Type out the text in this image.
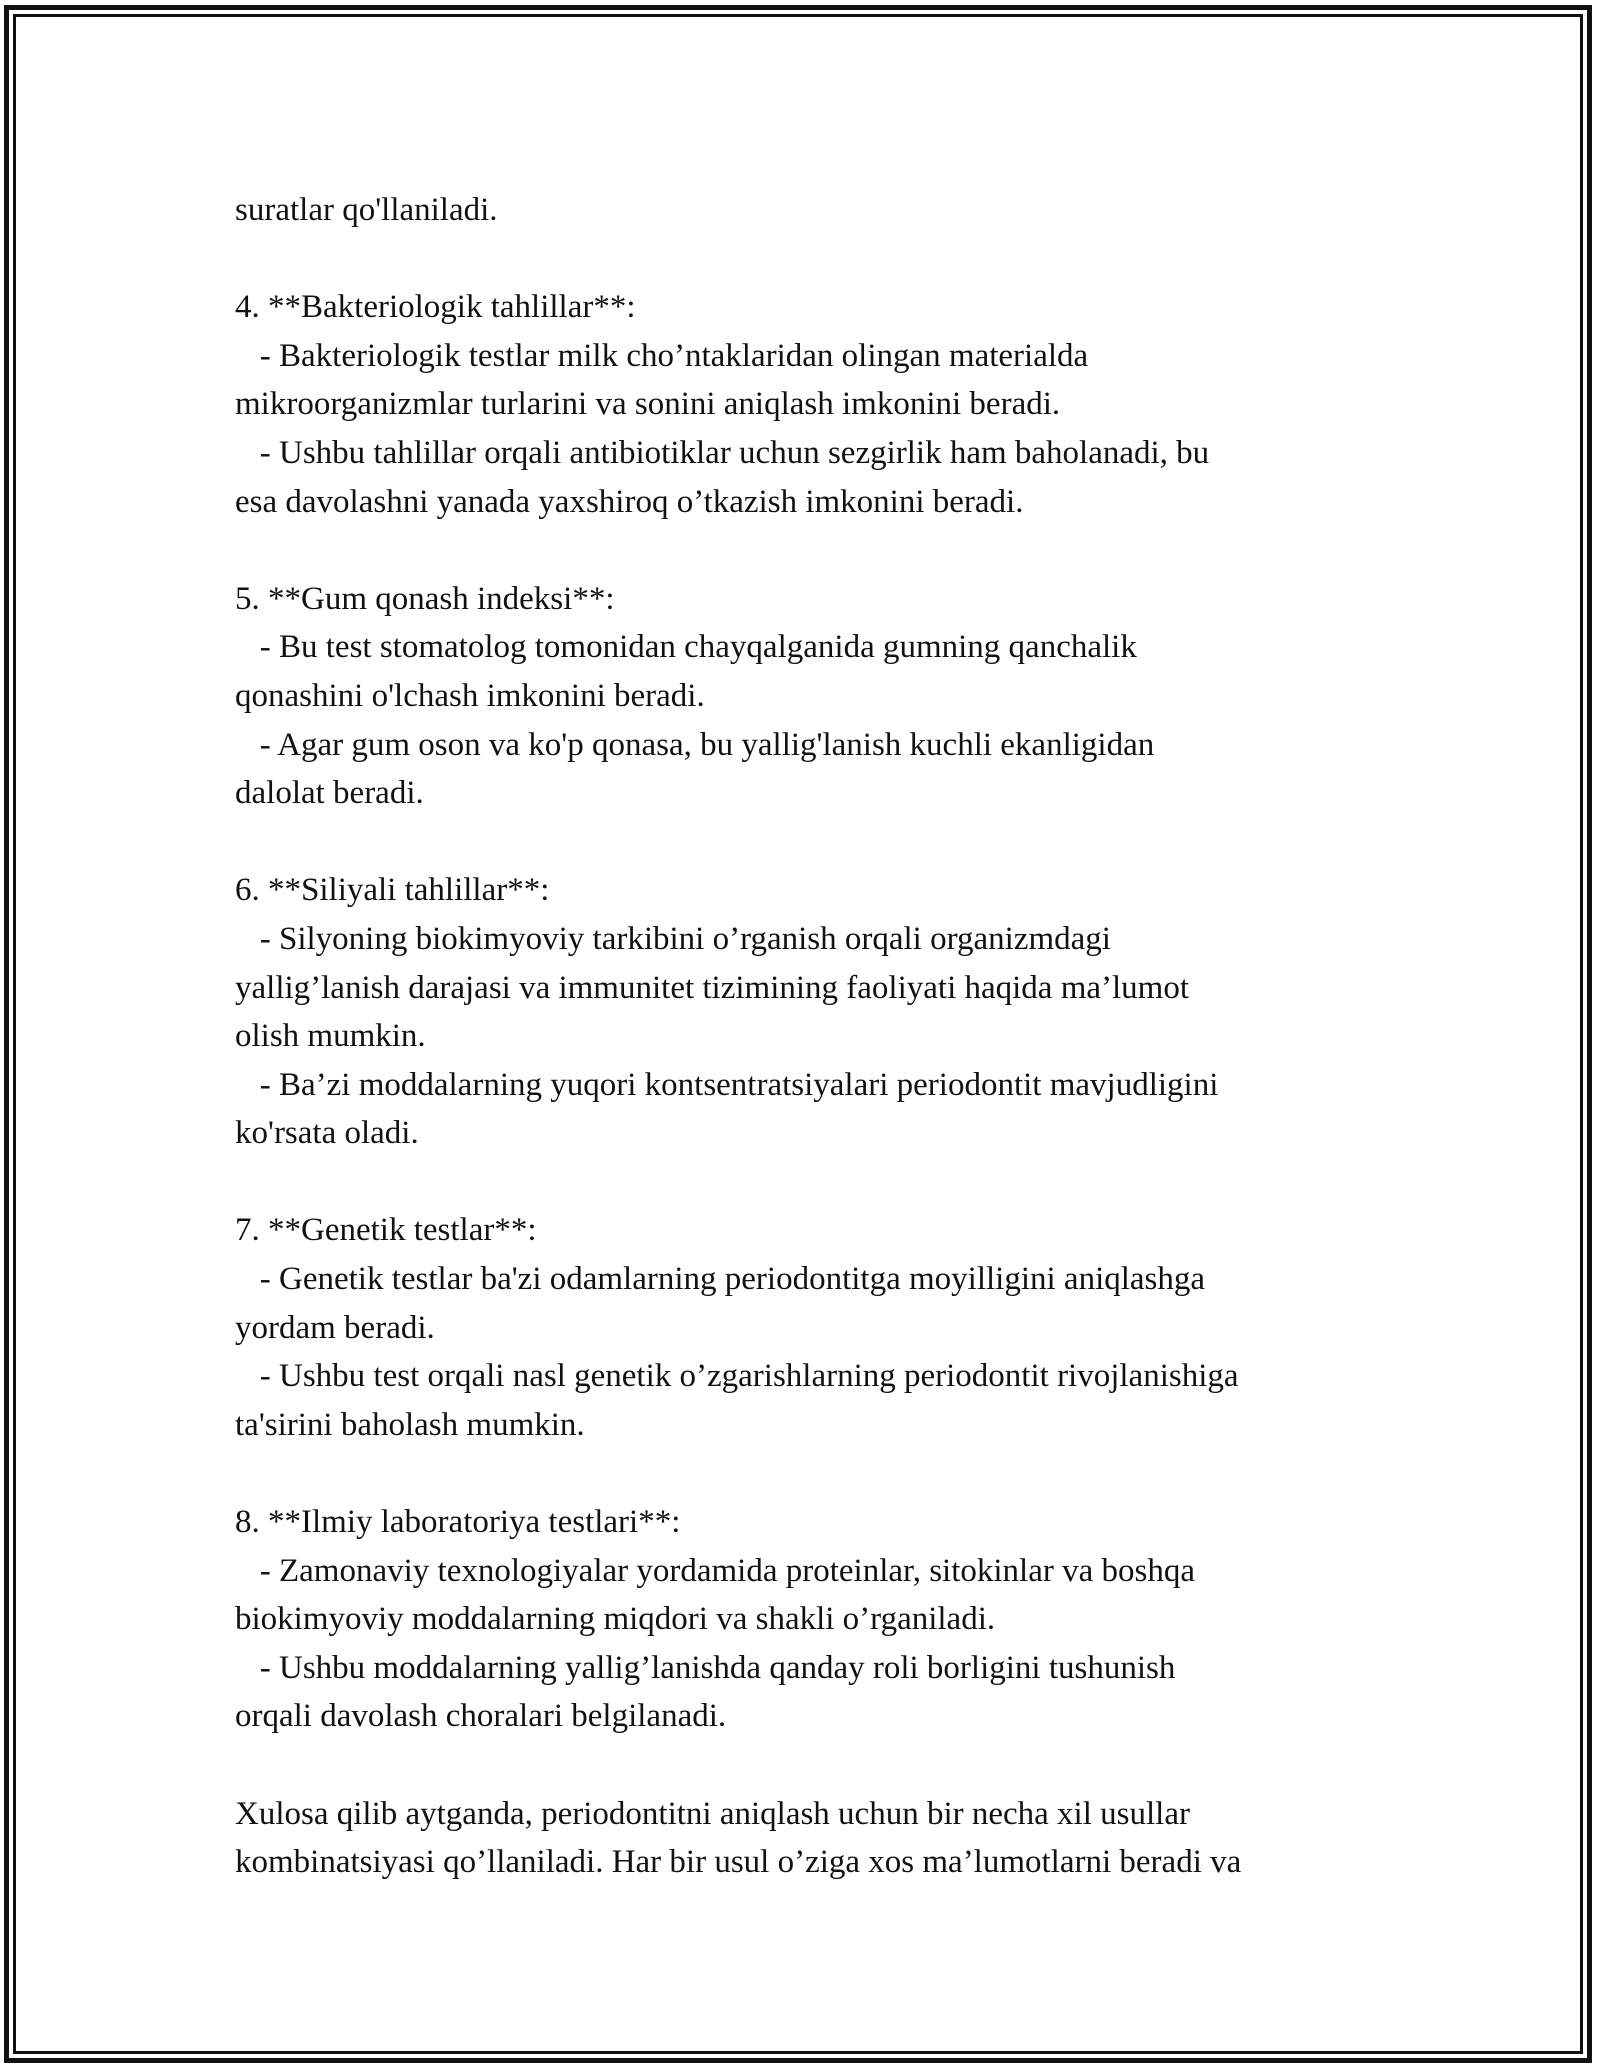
suratlar qo'llaniladi.
4. **Bakteriologik tahlillar**:
- Bakteriologik testlar milk cho’ntaklaridan olingan materialda
mikroorganizmlar turlarini va sonini aniqlash imkonini beradi.
- Ushbu tahlillar orqali antibiotiklar uchun sezgirlik ham baholanadi, bu
esa davolashni yanada yaxshiroq o’tkazish imkonini beradi.
5. **Gum qonash indeksi**:
- Bu test stomatolog tomonidan chayqalganida gumning qanchalik
qonashini o'lchash imkonini beradi.
- Agar gum oson va ko'p qonasa, bu yallig'lanish kuchli ekanligidan
dalolat beradi.
6. **Siliyali tahlillar**:
- Silyoning biokimyoviy tarkibini o’rganish orqali organizmdagi
yallig’lanish darajasi va immunitet tizimining faoliyati haqida ma’lumot
olish mumkin.
- Ba’zi moddalarning yuqori kontsentratsiyalari periodontit mavjudligini
ko'rsata oladi.
7. **Genetik testlar**:
- Genetik testlar ba'zi odamlarning periodontitga moyilligini aniqlashga
yordam beradi.
- Ushbu test orqali nasl genetik o’zgarishlarning periodontit rivojlanishiga
ta'sirini baholash mumkin.
8. **Ilmiy laboratoriya testlari**:
- Zamonaviy texnologiyalar yordamida proteinlar, sitokinlar va boshqa
biokimyoviy moddalarning miqdori va shakli o’rganiladi.
- Ushbu moddalarning yallig’lanishda qanday roli borligini tushunish
orqali davolash choralari belgilanadi.
Xulosa qilib aytganda, periodontitni aniqlash uchun bir necha xil usullar
kombinatsiyasi qo’llaniladi. Har bir usul o’ziga xos ma’lumotlarni beradi va
